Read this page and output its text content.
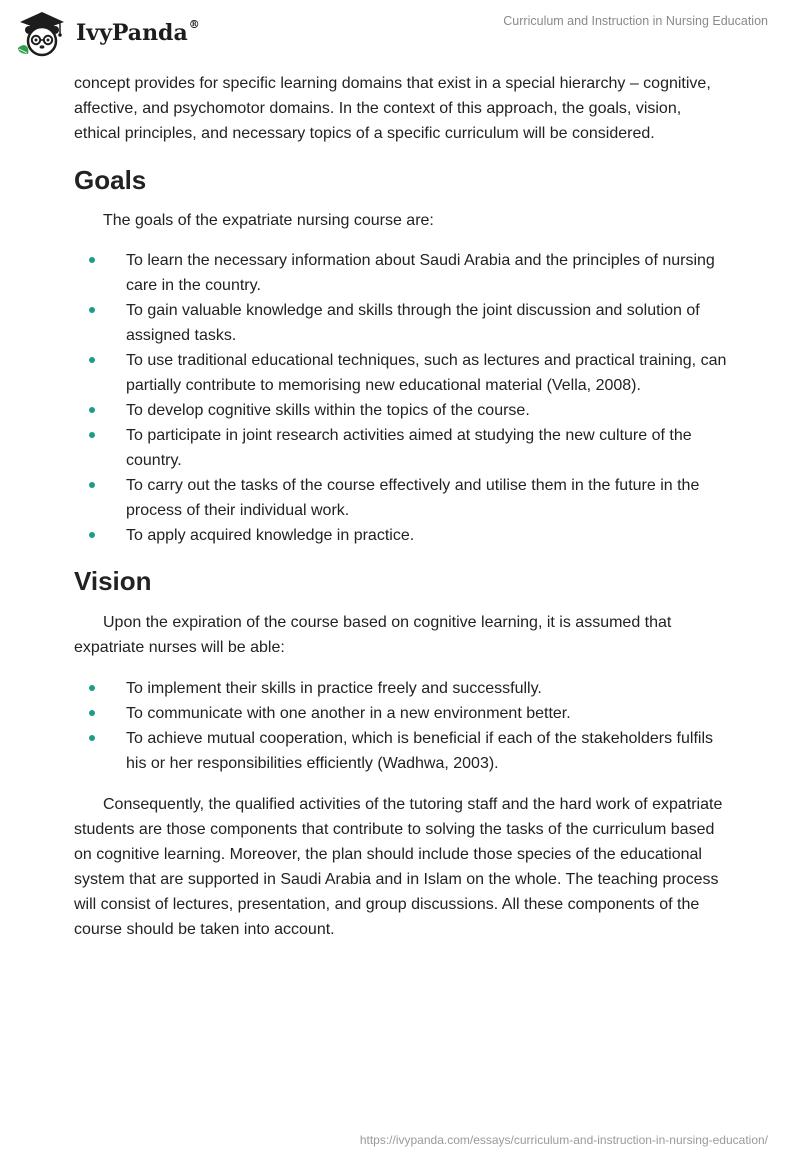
IvyPanda®	Curriculum and Instruction in Nursing Education

concept provides for specific learning domains that exist in a special hierarchy – cognitive, affective, and psychomotor domains. In the context of this approach, the goals, vision, ethical principles, and necessary topics of a specific curriculum will be considered.

Goals

The goals of the expatriate nursing course are:

To learn the necessary information about Saudi Arabia and the principles of nursing care in the country.
To gain valuable knowledge and skills through the joint discussion and solution of assigned tasks.
To use traditional educational techniques, such as lectures and practical training, can partially contribute to memorising new educational material (Vella, 2008).
To develop cognitive skills within the topics of the course.
To participate in joint research activities aimed at studying the new culture of the country.
To carry out the tasks of the course effectively and utilise them in the future in the process of their individual work.
To apply acquired knowledge in practice.
Vision

Upon the expiration of the course based on cognitive learning, it is assumed that expatriate nurses will be able:

To implement their skills in practice freely and successfully.
To communicate with one another in a new environment better.
To achieve mutual cooperation, which is beneficial if each of the stakeholders fulfils his or her responsibilities efficiently (Wadhwa, 2003).

Consequently, the qualified activities of the tutoring staff and the hard work of expatriate students are those components that contribute to solving the tasks of the curriculum based on cognitive learning. Moreover, the plan should include those species of the educational system that are supported in Saudi Arabia and in Islam on the whole. The teaching process will consist of lectures, presentation, and group discussions. All these components of the course should be taken into account.

https://ivypanda.com/essays/curriculum-and-instruction-in-nursing-education/
